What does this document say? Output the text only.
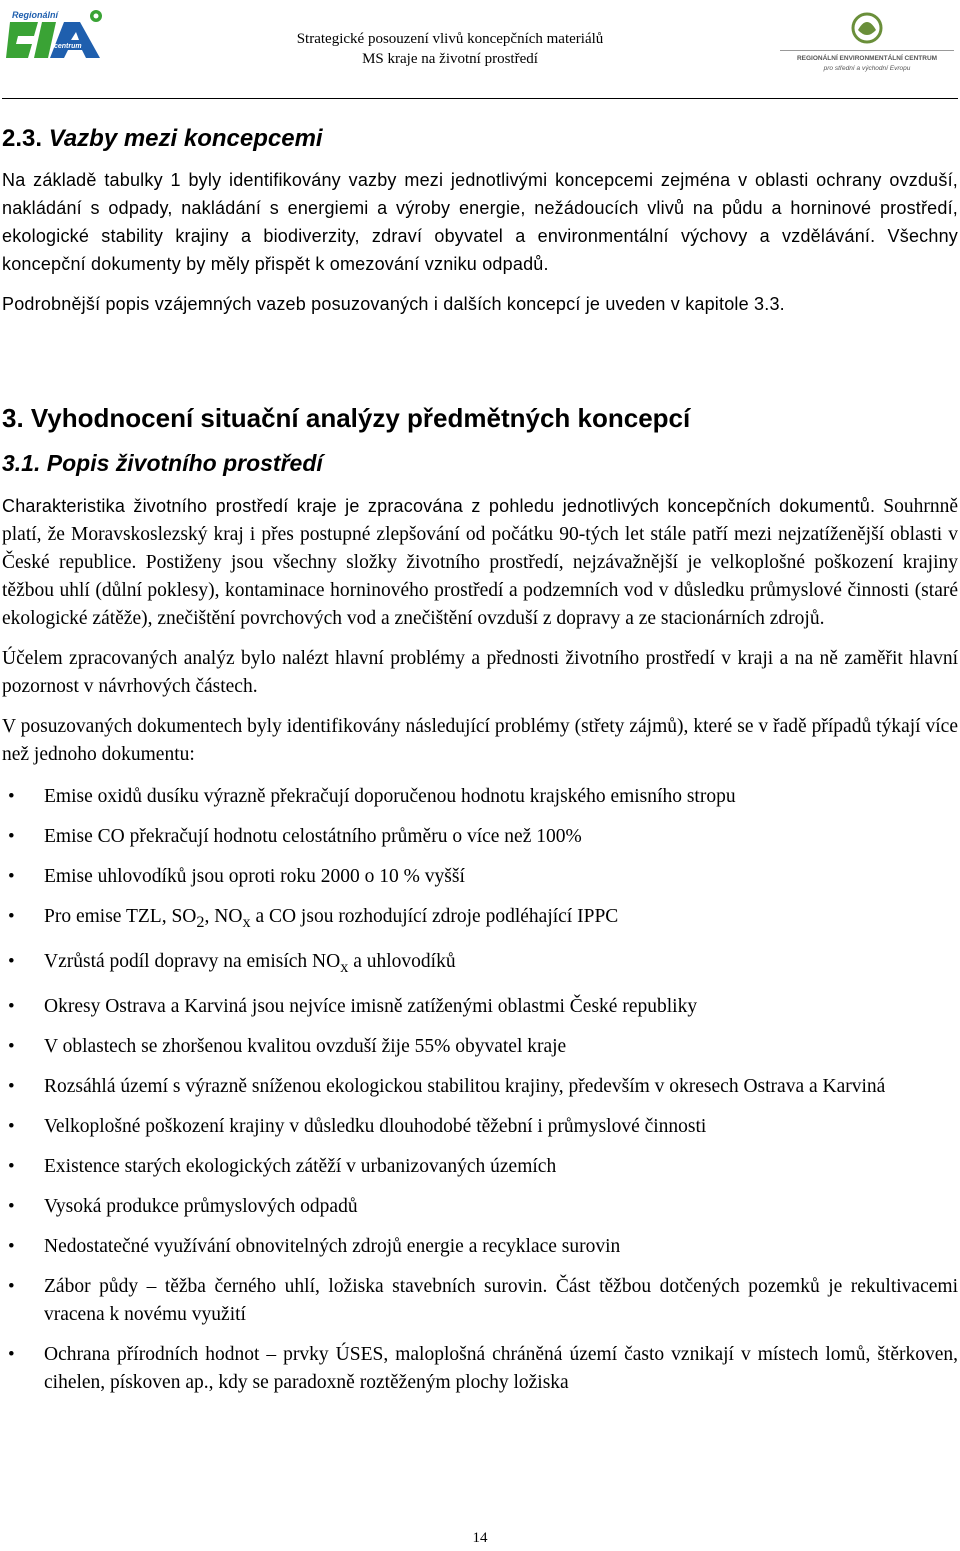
Regionální
centrum	Strategické posouzení vlivů koncepčních materiálů
MS kraje na životní prostředí	REGIONÁLNÍ ENVIRONMENTÁLNÍ CENTRUM
pro střední a východní Evropu
2.3. Vazby mezi koncepcemi

Na základě tabulky 1 byly identifikovány vazby mezi jednotlivými koncepcemi zejména v oblasti ochrany ovzduší, nakládání s odpady, nakládání s energiemi a výroby energie, nežádoucích vlivů na půdu a horninové prostředí, ekologické stability krajiny a biodiverzity, zdraví obyvatel a environmentální výchovy a vzdělávání. Všechny koncepční dokumenty by měly přispět k omezování vzniku odpadů.

Podrobnější popis vzájemných vazeb posuzovaných i dalších koncepcí je uveden v kapitole 3.3.

3. Vyhodnocení situační analýzy předmětných koncepcí
3.1. Popis životního prostředí

Charakteristika životního prostředí kraje je zpracována z pohledu jednotlivých koncepčních dokumentů. Souhrnně platí, že Moravskoslezský kraj i přes postupné zlepšování od počátku 90-tých let stále patří mezi nejzatíženější oblasti v České republice. Postiženy jsou všechny složky životního prostředí, nejzávažnější je velkoplošné poškození krajiny těžbou uhlí (důlní poklesy), kontaminace horninového prostředí a podzemních vod v důsledku průmyslové činnosti (staré ekologické zátěže), znečištění povrchových vod a znečištění ovzduší z dopravy a ze stacionárních zdrojů.

Účelem zpracovaných analýz bylo nalézt hlavní problémy a přednosti životního prostředí v kraji a na ně zaměřit hlavní pozornost v návrhových částech.

V posuzovaných dokumentech byly identifikovány následující problémy (střety zájmů), které se v řadě případů týkají více než jednoho dokumentu:

• Emise oxidů dusíku výrazně překračují doporučenou hodnotu krajského emisního stropu
• Emise CO překračují hodnotu celostátního průměru o více než 100%
• Emise uhlovodíků jsou oproti roku 2000 o 10 % vyšší
• Pro emise TZL, $SO_2$, $NO_x$ a CO jsou rozhodující zdroje podléhající IPPC
• Vzrůstá podíl dopravy na emisích $NO_x$ a uhlovodíků
• Okresy Ostrava a Karviná jsou nejvíce imisně zatíženými oblastmi České republiky
• V oblastech se zhoršenou kvalitou ovzduší žije 55% obyvatel kraje
• Rozsáhlá území s výrazně sníženou ekologickou stabilitou krajiny, především v okresech Ostrava a Karviná
• Velkoplošné poškození krajiny v důsledku dlouhodobé těžební i průmyslové činnosti
• Existence starých ekologických zátěží v urbanizovaných územích
• Vysoká produkce průmyslových odpadů
• Nedostatečné využívání obnovitelných zdrojů energie a recyklace surovin
• Zábor půdy – těžba černého uhlí, ložiska stavebních surovin. Část těžbou dotčených pozemků je rekultivacemi vracena k novému využití
• Ochrana přírodních hodnot – prvky ÚSES, maloplošná chráněná území často vznikají v místech lomů, štěrkoven, cihelen, pískoven ap., kdy se paradoxně roztěženým plochy ložiska
14
